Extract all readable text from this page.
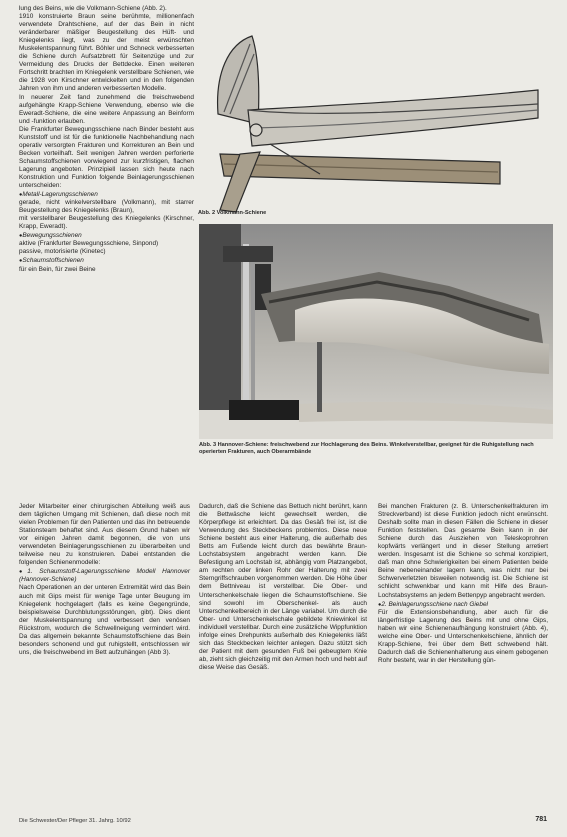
lung des Beins, wie die Volkmann-Schiene (Abb. 2).

1910 konstruierte Braun seine berühmte, millionenfach verwendete Drahtschiene, auf der das Bein in nicht veränderbarer mäßiger Beugestellung des Hüft- und Kniegelenks liegt, was zu der meist erwünschten Muskelentspannung führt. Böhler und Schneck verbesserten die Schiene durch Aufsatzbrett für Seitenzüge und zur Vermeidung des Drucks der Bettdecke. Einen weiteren Fortschritt brachten im Kniegelenk verstellbare Schienen, wie die 1928 von Kirschner entwickelten und in den folgenden Jahren von ihm und anderen verbesserten Modelle.

In neuerer Zeit fand zunehmend die freischwebend aufgehängte Krapp-Schiene Verwendung, ebenso wie die Eweradt-Schiene, die eine weitere Anpassung an Beinform und -funktion erlauben.

Die Frankfurter Bewegungsschiene nach Binder besteht aus Kunststoff und ist für die funktionelle Nachbehandlung nach operativ versorgten Frakturen und Korrekturen an Bein und Becken vorteilhaft. Seit wenigen Jahren werden perforierte Schaumstoffschienen vorwiegend zur kurzfristigen, flachen Lagerung angeboten. Prinzipiell lassen sich heute nach Konstruktion und Funktion folgende Beinlagerungsschienen unterscheiden:

● Metall-Lagerungsschienen

gerade, nicht winkelverstellbare (Volkmann), mit starrer Beugestellung des Kniegelenks (Braun),

mit verstellbarer Beugestellung des Kniegelenks (Kirschner, Krapp, Eweradt).

● Bewegungsschienen

aktive (Frankfurter Bewegungsschiene, Sinpond)

passive, motorisierte (Kinetec)

● Schaumstoffschienen

für ein Bein, für zwei Beine

Abb. 2 Volkmann-Schiene
Abb. 3 Hannover-Schiene: freischwebend zur Hochlagerung des Beins. Winkelverstellbar, geeignet für die Ruhigstellung nach operierten Frakturen, auch Oberarmbände

Jeder Mitarbeiter einer chirurgischen Abteilung weiß aus dem täglichen Umgang mit Schienen, daß diese noch mit vielen Problemen für den Patienten und das ihn betreuende Stationsteam behaftet sind. Aus diesem Grund haben wir vor einigen Jahren damit begonnen, die von uns verwendeten Beinlagerungsschienen zu überarbeiten und teilweise neu zu konstruieren. Dabei entstanden die folgenden Schienenmodelle:

● 1. Schaumstoff-Lagerungsschiene Modell Hannover (Hannover-Schiene)

Nach Operationen an der unteren Extremität wird das Bein auch mit Gips meist für wenige Tage unter Beugung im Kniegelenk hochgelagert (falls es keine Gegengründe, beispielsweise Durchblutungsstörungen, gibt). Dies dient der Muskelentspannung und verbessert den venösen Rückstrom, wodurch die Schwellneigung vermindert wird. Da das allgemein bekannte Schaumstoffschiene das Bein besonders schonend und gut ruhigstellt, entschlossen wir uns, die freischwebend im Bett aufzuhängen (Abb 3).

Dadurch, daß die Schiene das Bettuch nicht berührt, kann die Bettwäsche leicht gewechselt werden, die Körperpflege ist erleichtert. Da das Gesäß frei ist, ist die Verwendung des Steckbeckens problemlos. Diese neue Schiene besteht aus einer Halterung, die außerhalb des Betts am Fußende leicht durch das bewährte Braun-Lochstabsystem angebracht werden kann. Die Befestigung am Lochstab ist, abhängig vom Platzangebot, am rechten oder linken Rohr der Halterung mit zwei Sterngriffschrauben vorgenommen werden. Die Höhe über dem Bettniveau ist verstellbar. Die Ober- und Unterschenkelschale liegen die Schaumstoffschiene. Sie sind sowohl im Oberschenkel- als auch Unterschenkelbereich in der Länge variabel. Um durch die Ober- und Unterschenkelschale gebildete Kniewinkel ist individuell verstellbar. Durch eine zusätzliche Wippfunktion infolge eines Drehpunkts außerhalb des Kniegelenks läßt sich das Steckbecken leichter anlegen. Dazu stützt sich der Patient mit dem gesunden Fuß bei gebeugtem Knie ab, zieht sich gleichzeitig mit den Armen hoch und hebt auf diese Weise das Gesäß.

Bei manchen Frakturen (z. B. Unterschenkelfrakturen im Streckverband) ist diese Funktion jedoch nicht erwünscht. Deshalb sollte man in diesen Fällen die Schiene in dieser Funktion feststellen. Das gesamte Bein kann in der Schiene durch das Ausziehen von Teleskoprohren kopfwärts verlängert und in dieser Stellung arretiert werden. Insgesamt ist die Schiene so schmal konzipiert, daß man ohne Schwierigkeiten bei einem Patienten beide Beine nebeneinander lagern kann, was nicht nur bei Schwerverletzten bisweilen notwendig ist. Die Schiene ist schlicht schwenkbar und kann mit Hilfe des Braun-Lochstabsystems an jedem Bettenpyp angebracht werden.

● 2. Beinlagerungsschiene nach Giebel

Für die Extensionsbehandlung, aber auch für die längerfristige Lagerung des Beins mit und ohne Gips, haben wir eine Schienenaufhängung konstruiert (Abb. 4), welche eine Ober- und Unterschenkelschiene, ähnlich der Krapp-Schiene, frei über dem Bett schwebend hält. Dadurch daß die Schienenhalterung aus einem gebogenen Rohr besteht, war in der Herstellung gün-

Die Schwester/Der Pfleger 31. Jahrg. 10/92	781
